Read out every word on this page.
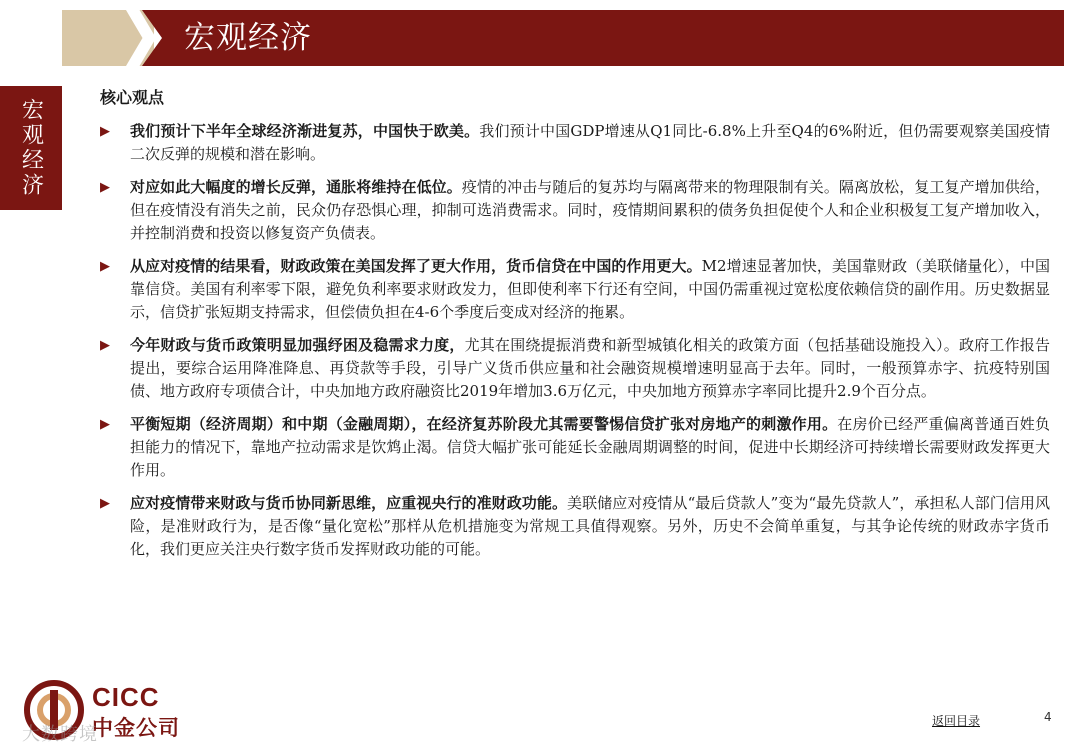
宏观经济
宏观经济
核心观点
▶ 我们预计下半年全球经济渐进复苏，中国快于欧美。我们预计中国GDP增速从Q1同比-6.8%上升至Q4的6%附近，但仍需要观察美国疫情二次反弹的规模和潜在影响。
▶ 对应如此大幅度的增长反弹，通胀将维持在低位。疫情的冲击与随后的复苏均与隔离带来的物理限制有关。隔离放松，复工复产增加供给，但在疫情没有消失之前，民众仍存恐惧心理，抑制可选消费需求。同时，疫情期间累积的债务负担促使个人和企业积极复工复产增加收入，并控制消费和投资以修复资产负债表。
▶ 从应对疫情的结果看，财政政策在美国发挥了更大作用，货币信贷在中国的作用更大。M2增速显著加快，美国靠财政（美联储量化），中国靠信贷。美国有利率零下限，避免负利率要求财政发力，但即使利率下行还有空间，中国仍需重视过宽松度依赖信贷的副作用。历史数据显示，信贷扩张短期支持需求，但偿债负担在4-6个季度后变成对经济的拖累。
▶ 今年财政与货币政策明显加强纾困及稳需求力度，尤其在围绕提振消费和新型城镇化相关的政策方面（包括基础设施投入）。政府工作报告提出，要综合运用降准降息、再贷款等手段，引导广义货币供应量和社会融资规模增速明显高于去年。同时，一般预算赤字、抗疫特别国债、地方政府专项债合计，中央加地方政府融资比2019年增加3.6万亿元，中央加地方预算赤字率同比提升2.9个百分点。
▶ 平衡短期（经济周期）和中期（金融周期），在经济复苏阶段尤其需要警惕信贷扩张对房地产的刺激作用。在房价已经严重偏离普通百姓负担能力的情况下，靠地产拉动需求是饮鸩止渴。信贷大幅扩张可能延长金融周期调整的时间，促进中长期经济可持续增长需要财政发挥更大作用。
▶ 应对疫情带来财政与货币协同新思维，应重视央行的准财政功能。美联储应对疫情从“最后贷款人”变为“最先贷款人”，承担私人部门信用风险，是准财政行为，是否像“量化宽松”那样从危机措施变为常规工具值得观察。另外，历史不会简单重复，与其争论传统的财政赤字货币化，我们更应关注央行数字货币发挥财政功能的可能。
CICC
中金公司
大数跨境
返回目录	4
